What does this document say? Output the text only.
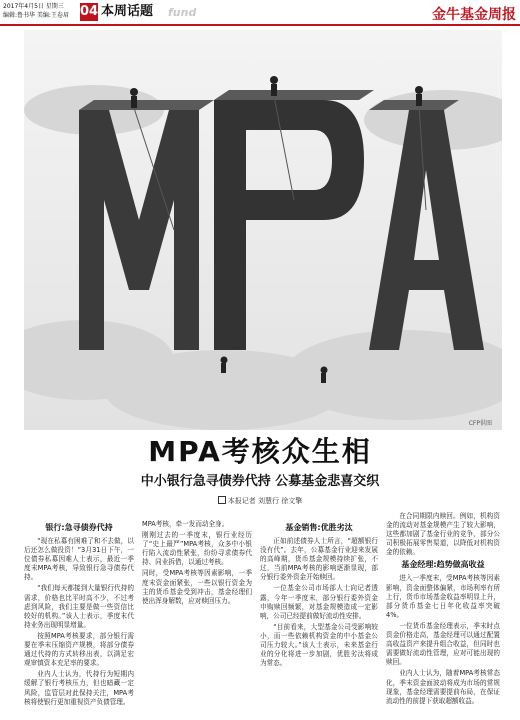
2017年4月5日 星期三
编辑:鲁书华 美编:王卷眉 04 本周话题 fund	金牛基金周报
CFP供图
MPA考核众生相
中小银行急寻债券代持 公募基金悲喜交织
本报记者 刘慧行 徐文擎
银行:急寻债券代持

“现在私募有困难了和不去做，以后还怎么做投资！”3月31日下午，一位债券私募因难人士表示，最近一季度末MPA考核，导致银行急寻债券代持。

“我们每天都接到大量银行代持的需求，价格也比平时高不少，不过考虑到风险，我们主要是做一些资信比较好的机构。”该人士表示，季度末代持业务出现明显增量。

按照MPA考核要求，部分银行需要在季末压缩资产规模，将部分债券通过代持的方式转移出表，以满足宏观审慎资本充足率的要求。

业内人士认为，代持行为短期内缓解了银行考核压力，但也暗藏一定风险，监管层对此保持关注，MPA考核将使银行更加重视资产负债管理。

MPA考核，牵一发而动全身。

刚刚过去的一季度末，银行业经历了“史上最严”MPA考核，众多中小银行陷入流动性紧张，纷纷寻求债券代持、同业拆借，以通过考核。

同时，受MPA考核等因素影响，一季度末资金面紧张，一些以银行资金为主的货币基金受到冲击，基金经理们使出浑身解数，应对赎回压力。

基金销售:优胜劣汰

正如前述债券人士所言，“超额银行没有代”。去年，公募基金行业迎来发展的高峰期，货币基金规模持续扩张，不过，当前MPA考核的影响逐渐显现，部分银行委外资金开始赎回。

一位基金公司市场部人士向记者透露，今年一季度末，部分银行委外资金申购赎回频繁，对基金规模造成一定影响，公司已经提前做好流动性安排。

“目前看来，大型基金公司受影响较小，而一些依赖机构资金的中小基金公司压力较大。”该人士表示，未来基金行业的分化将进一步加剧，优胜劣汰将成为常态。

在合同期限内赎回。例如，机构资金的流动对基金规模产生了较大影响，这些都加剧了基金行业的竞争，部分公司积极拓展零售渠道，以降低对机构资金的依赖。

基金经理:趋势做高收益

进入一季度末，受MPA考核等因素影响，资金面整体偏紧，市场利率有所上行，货币市场基金收益率明显上升，部分货币基金七日年化收益率突破4%。

一位货币基金经理表示，季末时点资金价格走高，基金经理可以通过配置高收益资产来提升组合收益，但同时也需要做好流动性管理，应对可能出现的赎回。

业内人士认为，随着MPA考核常态化，季末资金面波动将成为市场的常规现象，基金经理需要提前布局，在保证流动性的前提下获取超额收益。
